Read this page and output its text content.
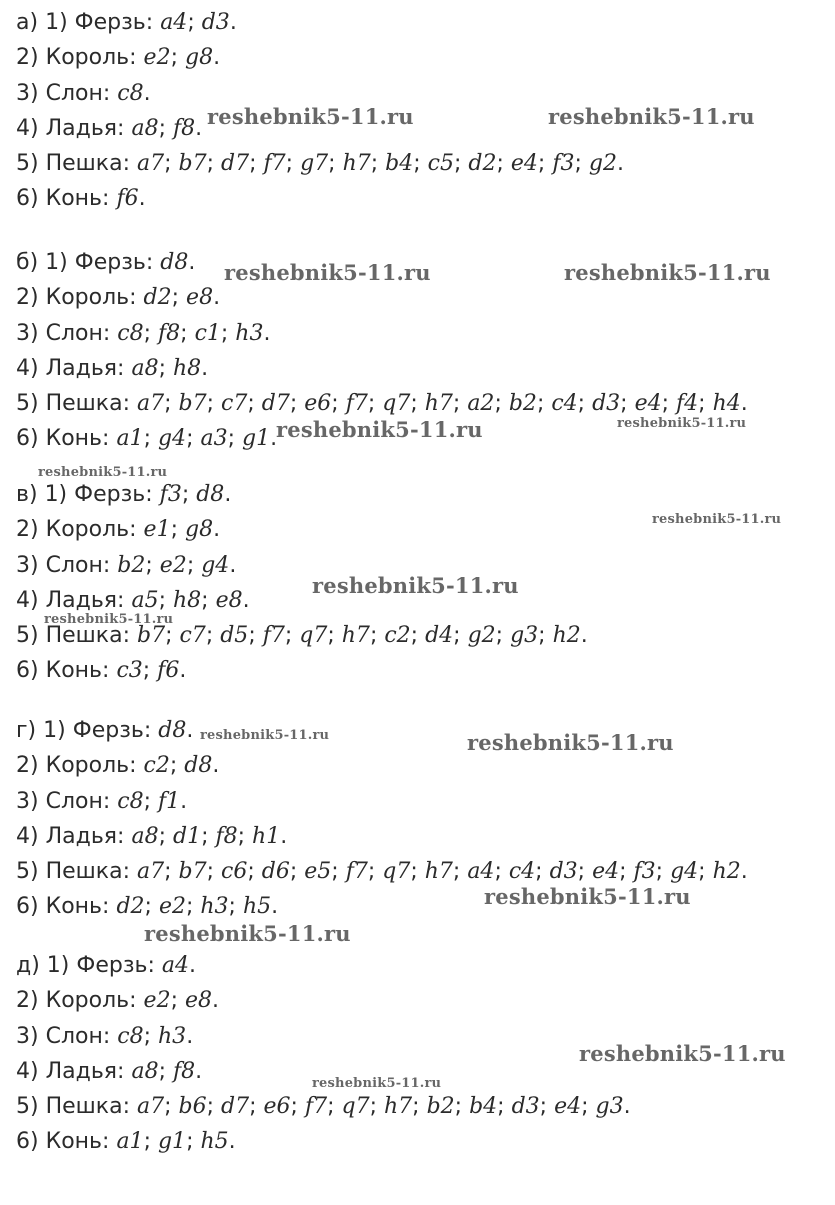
а) 1) Ферзь: a4; d3.
2) Король: e2; g8.
3) Слон: c8.
4) Ладья: a8; f8.
5) Пешка: a7; b7; d7; f7; g7; h7; b4; c5; d2; e4; f3; g2.
6) Конь: f6.
б) 1) Ферзь: d8.
2) Король: d2; e8.
3) Слон: c8; f8; c1; h3.
4) Ладья: a8; h8.
5) Пешка: a7; b7; c7; d7; e6; f7; q7; h7; a2; b2; c4; d3; e4; f4; h4.
6) Конь: a1; g4; a3; g1.
в) 1) Ферзь: f3; d8.
2) Король: e1; g8.
3) Слон: b2; e2; g4.
4) Ладья: a5; h8; e8.
5) Пешка: b7; c7; d5; f7; q7; h7; c2; d4; g2; g3; h2.
6) Конь: c3; f6.
г) 1) Ферзь: d8.
2) Король: c2; d8.
3) Слон: c8; f1.
4) Ладья: a8; d1; f8; h1.
5) Пешка: a7; b7; c6; d6; e5; f7; q7; h7; a4; c4; d3; e4; f3; g4; h2.
6) Конь: d2; e2; h3; h5.
д) 1) Ферзь: a4.
2) Король: e2; e8.
3) Слон: c8; h3.
4) Ладья: a8; f8.
5) Пешка: a7; b6; d7; e6; f7; q7; h7; b2; b4; d3; e4; g3.
6) Конь: a1; g1; h5.
reshebnik5-11.ru	reshebnik5-11.ru
reshebnik5-11.ru	reshebnik5-11.ru
reshebnik5-11.ru	reshebnik5-11.ru
reshebnik5-11.ru
reshebnik5-11.ru
reshebnik5-11.ru
reshebnik5-11.ru
reshebnik5-11.ru	reshebnik5-11.ru
reshebnik5-11.ru
reshebnik5-11.ru
reshebnik5-11.ru
reshebnik5-11.ru
